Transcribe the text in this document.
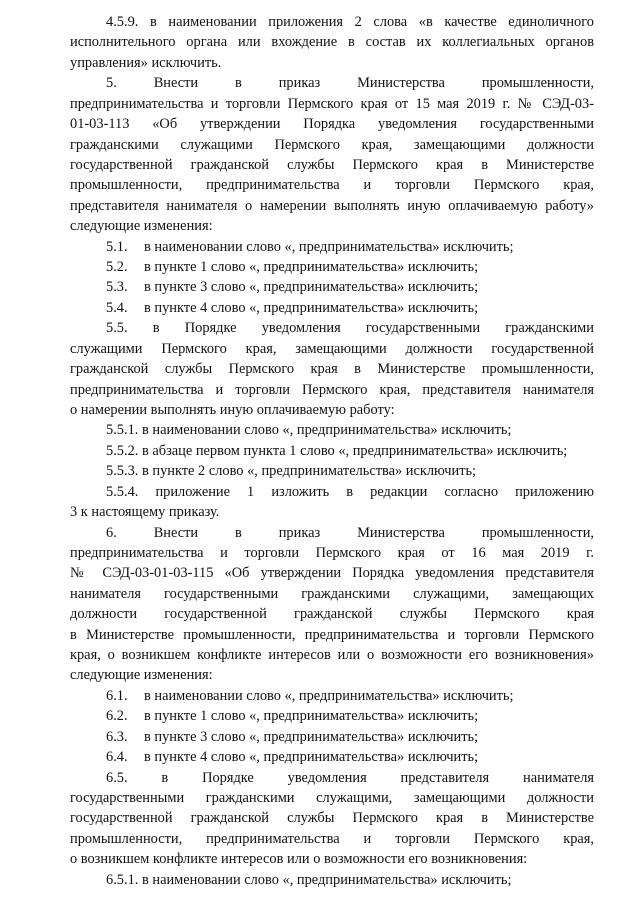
4.5.9. в наименовании приложения 2 слова «в качестве единоличного
исполнительного органа или вхождение в состав их коллегиальных органов
управления» исключить.
5. Внести в приказ Министерства промышленности,
предпринимательства и торговли Пермского края от 15 мая 2019 г. № СЭД-03-
01-03-113 «Об утверждении Порядка уведомления государственными
гражданскими служащими Пермского края, замещающими должности
государственной гражданской службы Пермского края в Министерстве
промышленности, предпринимательства и торговли Пермского края,
представителя нанимателя о намерении выполнять иную оплачиваемую работу»
следующие изменения:
5.1. в наименовании слово «, предпринимательства» исключить;
5.2. в пункте 1 слово «, предпринимательства» исключить;
5.3. в пункте 3 слово «, предпринимательства» исключить;
5.4. в пункте 4 слово «, предпринимательства» исключить;
5.5. в Порядке уведомления государственными гражданскими
служащими Пермского края, замещающими должности государственной
гражданской службы Пермского края в Министерстве промышленности,
предпринимательства и торговли Пермского края, представителя нанимателя
о намерении выполнять иную оплачиваемую работу:
5.5.1. в наименовании слово «, предпринимательства» исключить;
5.5.2. в абзаце первом пункта 1 слово «, предпринимательства» исключить;
5.5.3. в пункте 2 слово «, предпринимательства» исключить;
5.5.4. приложение 1 изложить в редакции согласно приложению
3 к настоящему приказу.
6. Внести в приказ Министерства промышленности,
предпринимательства и торговли Пермского края от 16 мая 2019 г.
№ СЭД-03-01-03-115 «Об утверждении Порядка уведомления представителя
нанимателя государственными гражданскими служащими, замещающих
должности государственной гражданской службы Пермского края
в Министерстве промышленности, предпринимательства и торговли Пермского
края, о возникшем конфликте интересов или о возможности его возникновения»
следующие изменения:
6.1. в наименовании слово «, предпринимательства» исключить;
6.2. в пункте 1 слово «, предпринимательства» исключить;
6.3. в пункте 3 слово «, предпринимательства» исключить;
6.4. в пункте 4 слово «, предпринимательства» исключить;
6.5. в Порядке уведомления представителя нанимателя
государственными гражданскими служащими, замещающими должности
государственной гражданской службы Пермского края в Министерстве
промышленности, предпринимательства и торговли Пермского края,
о возникшем конфликте интересов или о возможности его возникновения:
6.5.1. в наименовании слово «, предпринимательства» исключить;
